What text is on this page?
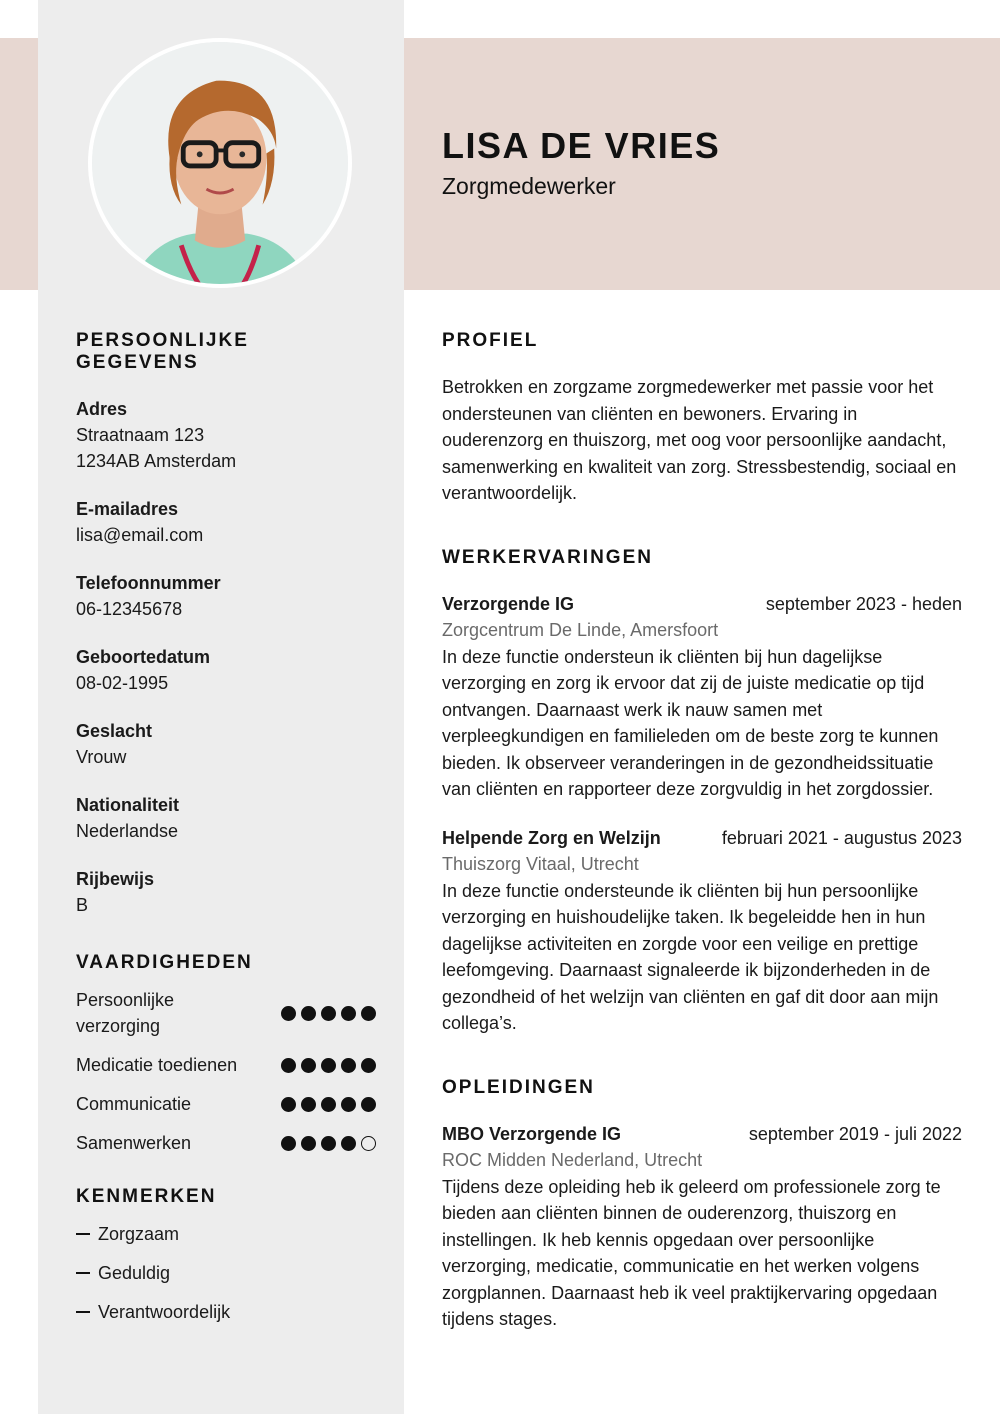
LISA DE VRIES
Zorgmedewerker
PERSOONLIJKE GEGEVENS
Adres
Straatnaam 123
1234AB Amsterdam
E-mailadres
lisa@email.com
Telefoonnummer
06-12345678
Geboortedatum
08-02-1995
Geslacht
Vrouw
Nationaliteit
Nederlandse
Rijbewijs
B
VAARDIGHEDEN
Persoonlijke verzorging
Medicatie toedienen
Communicatie
Samenwerken
KENMERKEN
Zorgzaam
Geduldig
Verantwoordelijk
PROFIEL
Betrokken en zorgzame zorgmedewerker met passie voor het ondersteunen van cliënten en bewoners. Ervaring in ouderenzorg en thuiszorg, met oog voor persoonlijke aandacht, samenwerking en kwaliteit van zorg. Stressbestendig, sociaal en verantwoordelijk.
WERKERVARINGEN
Verzorgende IG	september 2023 - heden
Zorgcentrum De Linde, Amersfoort
In deze functie ondersteun ik cliënten bij hun dagelijkse verzorging en zorg ik ervoor dat zij de juiste medicatie op tijd ontvangen. Daarnaast werk ik nauw samen met verpleegkundigen en familieleden om de beste zorg te kunnen bieden. Ik observeer veranderingen in de gezondheidssituatie van cliënten en rapporteer deze zorgvuldig in het zorgdossier.
Helpende Zorg en Welzijn	februari 2021 - augustus 2023
Thuiszorg Vitaal, Utrecht
In deze functie ondersteunde ik cliënten bij hun persoonlijke verzorging en huishoudelijke taken. Ik begeleidde hen in hun dagelijkse activiteiten en zorgde voor een veilige en prettige leefomgeving. Daarnaast signaleerde ik bijzonderheden in de gezondheid of het welzijn van cliënten en gaf dit door aan mijn collega’s.
OPLEIDINGEN
MBO Verzorgende IG	september 2019 - juli 2022
ROC Midden Nederland, Utrecht
Tijdens deze opleiding heb ik geleerd om professionele zorg te bieden aan cliënten binnen de ouderenzorg, thuiszorg en instellingen. Ik heb kennis opgedaan over persoonlijke verzorging, medicatie, communicatie en het werken volgens zorgplannen. Daarnaast heb ik veel praktijkervaring opgedaan tijdens stages.
